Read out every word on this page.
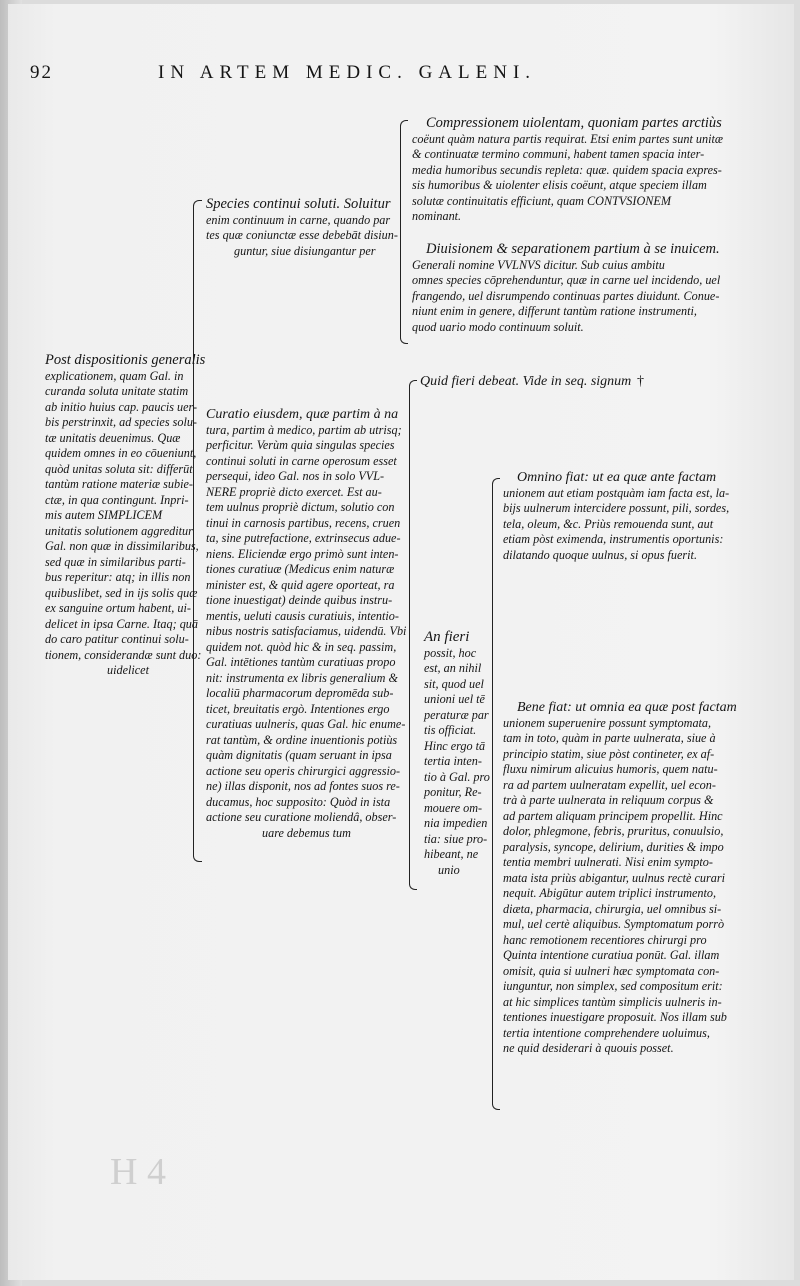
92	IN ARTEM MEDIC. GALENI.
Post dispositionis generalis
explicationem, quam Gal. in
curanda soluta unitate statim
ab initio huius cap. paucis uer-
bis perstrinxit, ad species solu-
tæ unitatis deuenimus. Quæ
quidem omnes in eo cōueniunt,
quòd unitas soluta sit: differūt
tantùm ratione materiæ subie-
ctæ, in qua contingunt. Inpri-
mis autem SIMPLICEM
unitatis solutionem aggreditur
Gal. non quæ in dissimilaribus,
sed quæ in similaribus parti-
bus reperitur: atq; in illis non
quibuslibet, sed in ijs solis quæ
ex sanguine ortum habent, ui-
delicet in ipsa Carne. Itaq; quā
do caro patitur continui solu-
tionem, considerandæ sunt duo:
uidelicet
Species continui soluti. Soluitur
enim continuum in carne, quando par
tes quæ coniunctæ esse debebāt disiun-
guntur, siue disiungantur per
Compressionem uiolentam, quoniam partes arctiùs
coëunt quàm natura partis requirat. Etsi enim partes sunt unitæ
& continuatæ termino communi, habent tamen spacia inter-
media humoribus secundis repleta: quæ. quidem spacia expres-
sis humoribus & uiolenter elisis coëunt, atque speciem illam
solutæ continuitatis efficiunt, quam CONTVSIONEM
nominant.
Diuisionem & separationem partium à se inuicem.
Generali nomine VVLNVS dicitur. Sub cuius ambitu
omnes species cōprehenduntur, quæ in carne uel incidendo, uel
frangendo, uel disrumpendo continuas partes diuidunt. Conue-
niunt enim in genere, differunt tantùm ratione instrumenti,
quod uario modo continuum soluit.
Curatio eiusdem, quæ partim à na
tura, partim à medico, partim ab utrisq;
perficitur. Verùm quia singulas species
continui soluti in carne operosum esset
persequi, ideo Gal. nos in solo VVL-
NERE propriè dicto exercet. Est au-
tem uulnus propriè dictum, solutio con
tinui in carnosis partibus, recens, cruen
ta, sine putrefactione, extrinsecus adue-
niens. Eliciendæ ergo primò sunt inten-
tiones curatiuæ (Medicus enim naturæ
minister est, & quid agere oporteat, ra
tione inuestigat) deinde quibus instru-
mentis, ueluti causis curatiuis, intentio-
nibus nostris satisfaciamus, uidendū. Vbi
quidem not. quòd hic & in seq. passim,
Gal. intētiones tantùm curatiuas propo
nit: instrumenta ex libris generalium &
localiū pharmacorum depromēda sub-
ticet, breuitatis ergò. Intentiones ergo
curatiuas uulneris, quas Gal. hic enume-
rat tantùm, & ordine inuentionis potiùs
quàm dignitatis (quam seruant in ipsa
actione seu operis chirurgici aggressio-
ne) illas disponit, nos ad fontes suos re-
ducamus, hoc supposito: Quòd in ista
actione seu curatione moliendâ, obser-
uare debemus tum
Quid fieri debeat. Vide in seq. signum †
An fieri
possit, hoc
est, an nihil
sit, quod uel
unioni uel tē
peraturæ par
tis officiat.
Hinc ergo tā
tertia inten-
tio à Gal. pro
ponitur, Re-
mouere om-
nia impedien
tia: siue pro-
hibeant, ne
unio
Omnino fiat: ut ea quæ ante factam
unionem aut etiam postquàm iam facta est, la-
bijs uulnerum intercidere possunt, pili, sordes,
tela, oleum, &c. Priùs remouenda sunt, aut
etiam pòst eximenda, instrumentis oportunis:
dilatando quoque uulnus, si opus fuerit.
Bene fiat: ut omnia ea quæ post factam
unionem superuenire possunt symptomata,
tam in toto, quàm in parte uulnerata, siue à
principio statim, siue pòst contineter, ex af-
fluxu nimirum alicuius humoris, quem natu-
ra ad partem uulneratam expellit, uel econ-
trà à parte uulnerata in reliquum corpus &
ad partem aliquam principem propellit. Hinc
dolor, phlegmone, febris, pruritus, conuulsio,
paralysis, syncope, delirium, durities & impo
tentia membri uulnerati. Nisi enim sympto-
mata ista priùs abigantur, uulnus rectè curari
nequit. Abigūtur autem triplici instrumento,
diæta, pharmacia, chirurgia, uel omnibus si-
mul, uel certè aliquibus. Symptomatum porrò
hanc remotionem recentiores chirurgi pro
Quinta intentione curatiua ponūt. Gal. illam
omisit, quia si uulneri hæc symptomata con-
iunguntur, non simplex, sed compositum erit:
at hic simplices tantùm simplicis uulneris in-
tentiones inuestigare proposuit. Nos illam sub
tertia intentione comprehendere uoluimus,
ne quid desiderari à quouis posset.
H 4
